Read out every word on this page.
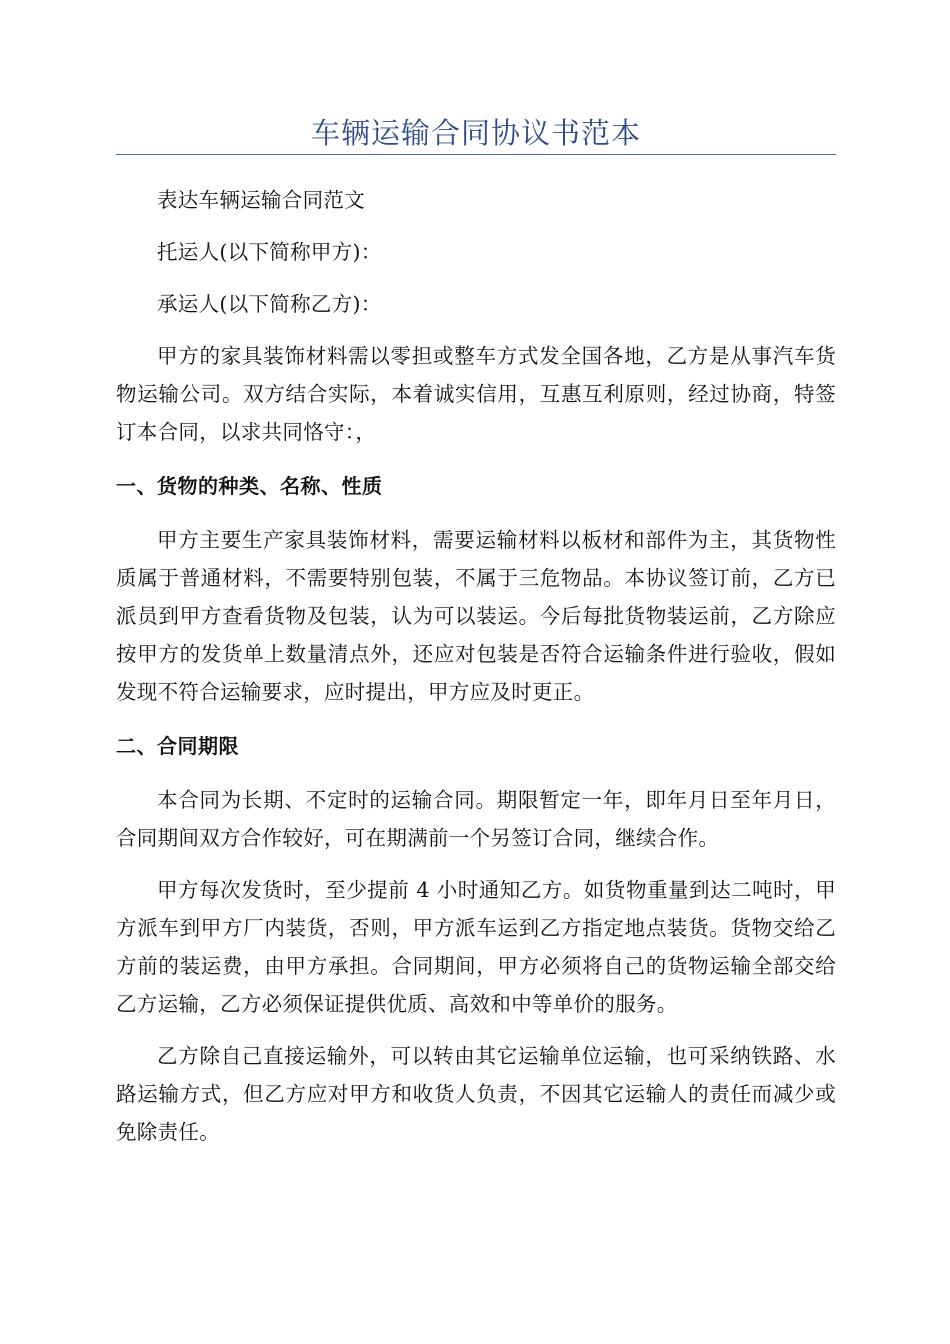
车辆运输合同协议书范本

表达车辆运输合同范文

托运人(以下简称甲方)：

承运人(以下简称乙方)：

甲方的家具装饰材料需以零担或整车方式发全国各地，乙方是从事汽车货物运输公司。双方结合实际，本着诚实信用，互惠互利原则，经过协商，特签订本合同，以求共同恪守：，

一、货物的种类、名称、性质

甲方主要生产家具装饰材料，需要运输材料以板材和部件为主，其货物性质属于普通材料，不需要特别包装，不属于三危物品。本协议签订前，乙方已派员到甲方查看货物及包装，认为可以装运。今后每批货物装运前，乙方除应按甲方的发货单上数量清点外，还应对包装是否符合运输条件进行验收，假如发现不符合运输要求，应时提出，甲方应及时更正。

二、合同期限

本合同为长期、不定时的运输合同。期限暂定一年，即年月日至年月日，合同期间双方合作较好，可在期满前一个另签订合同，继续合作。

甲方每次发货时，至少提前 4 小时通知乙方。如货物重量到达二吨时，甲方派车到甲方厂内装货，否则，甲方派车运到乙方指定地点装货。货物交给乙方前的装运费，由甲方承担。合同期间，甲方必须将自己的货物运输全部交给乙方运输，乙方必须保证提供优质、高效和中等单价的服务。

乙方除自己直接运输外，可以转由其它运输单位运输，也可采纳铁路、水路运输方式，但乙方应对甲方和收货人负责，不因其它运输人的责任而减少或免除责任。
